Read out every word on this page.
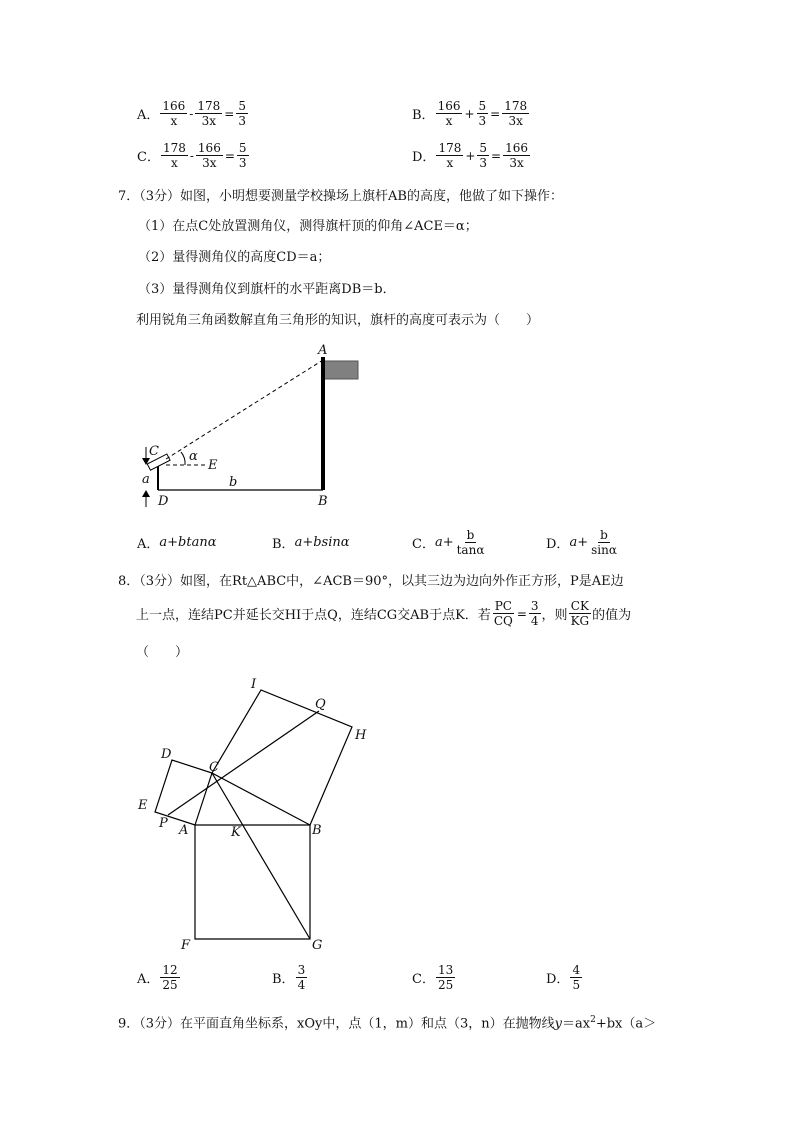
A． $\frac{166}{x} - \frac{178}{3x} = \frac{5}{3}$	B． $\frac{166}{x} + \frac{5}{3} = \frac{178}{3x}$
C． $\frac{178}{x} - \frac{166}{3x} = \frac{5}{3}$	D． $\frac{178}{x} + \frac{5}{3} = \frac{166}{3x}$
7．（3分）如图，小明想要测量学校操场上旗杆AB的高度，他做了如下操作：
（1）在点C处放置测角仪，测得旗杆顶的仰角∠ACE＝α；
（2）量得测角仪的高度CD＝a；
（3）量得测角仪到旗杆的水平距离DB＝b．
利用锐角三角函数解直角三角形的知识，旗杆的高度可表示为（　　）
A
B
C
D
E
α
a	b
A． a+btanα	B． a+bsinα	C． $a+ \frac{b}{\tan\alpha}$	D． $a+ \frac{b}{\sin\alpha}$
8．（3分）如图，在Rt△ABC中，∠ACB＝90°，以其三边为边向外作正方形，P是AE边
上一点，连结PC并延长交HI于点Q，连结CG交AB于点K．若 $\frac{PC}{CQ} = \frac{3}{4}$ ，则 $\frac{CK}{KG}$ 的值为
（　　）
I
Q
H
D
C
E
P A	K	B
F	G
A． $\frac{12}{25}$	B． $\frac{3}{4}$	C． $\frac{13}{25}$	D． $\frac{4}{5}$
9．（3分）在平面直角坐标系，xOy中，点（1，m）和点（3，n）在抛物线$y=ax^2+bx(a>$
